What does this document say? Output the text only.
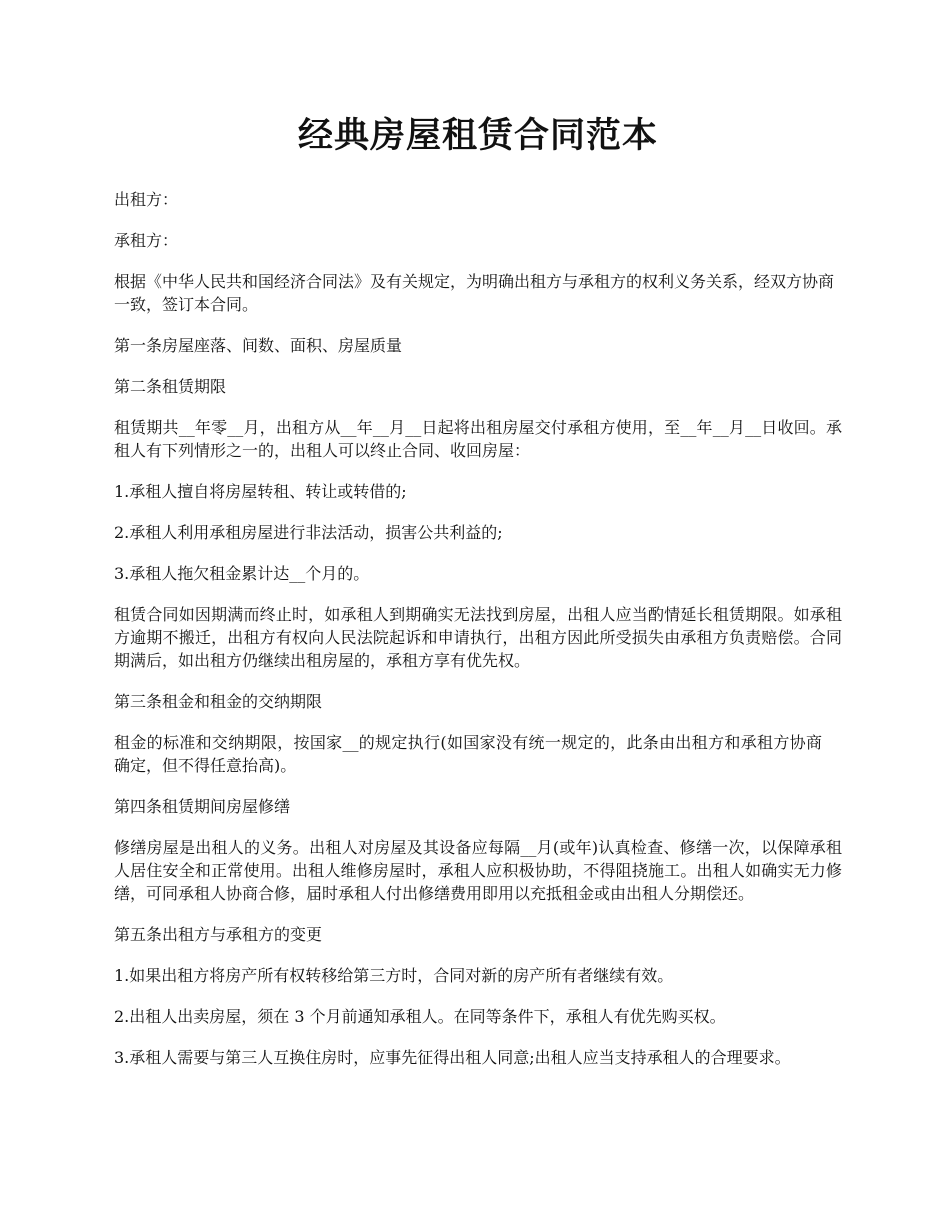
经典房屋租赁合同范本

出租方：

承租方：

根据《中华人民共和国经济合同法》及有关规定，为明确出租方与承租方的权利义务关系，经双方协商一致，签订本合同。

第一条房屋座落、间数、面积、房屋质量

第二条租赁期限

租赁期共__年零__月，出租方从__年__月__日起将出租房屋交付承租方使用，至__年__月__日收回。承租人有下列情形之一的，出租人可以终止合同、收回房屋：

1.承租人擅自将房屋转租、转让或转借的;

2.承租人利用承租房屋进行非法活动，损害公共利益的;

3.承租人拖欠租金累计达__个月的。

租赁合同如因期满而终止时，如承租人到期确实无法找到房屋，出租人应当酌情延长租赁期限。如承租方逾期不搬迁，出租方有权向人民法院起诉和申请执行，出租方因此所受损失由承租方负责赔偿。合同期满后，如出租方仍继续出租房屋的，承租方享有优先权。

第三条租金和租金的交纳期限

租金的标准和交纳期限，按国家__的规定执行(如国家没有统一规定的，此条由出租方和承租方协商确定，但不得任意抬高)。

第四条租赁期间房屋修缮

修缮房屋是出租人的义务。出租人对房屋及其设备应每隔__月(或年)认真检查、修缮一次，以保障承租人居住安全和正常使用。出租人维修房屋时，承租人应积极协助，不得阻挠施工。出租人如确实无力修缮，可同承租人协商合修，届时承租人付出修缮费用即用以充抵租金或由出租人分期偿还。

第五条出租方与承租方的变更

1.如果出租方将房产所有权转移给第三方时，合同对新的房产所有者继续有效。

2.出租人出卖房屋，须在 3 个月前通知承租人。在同等条件下，承租人有优先购买权。

3.承租人需要与第三人互换住房时，应事先征得出租人同意;出租人应当支持承租人的合理要求。
